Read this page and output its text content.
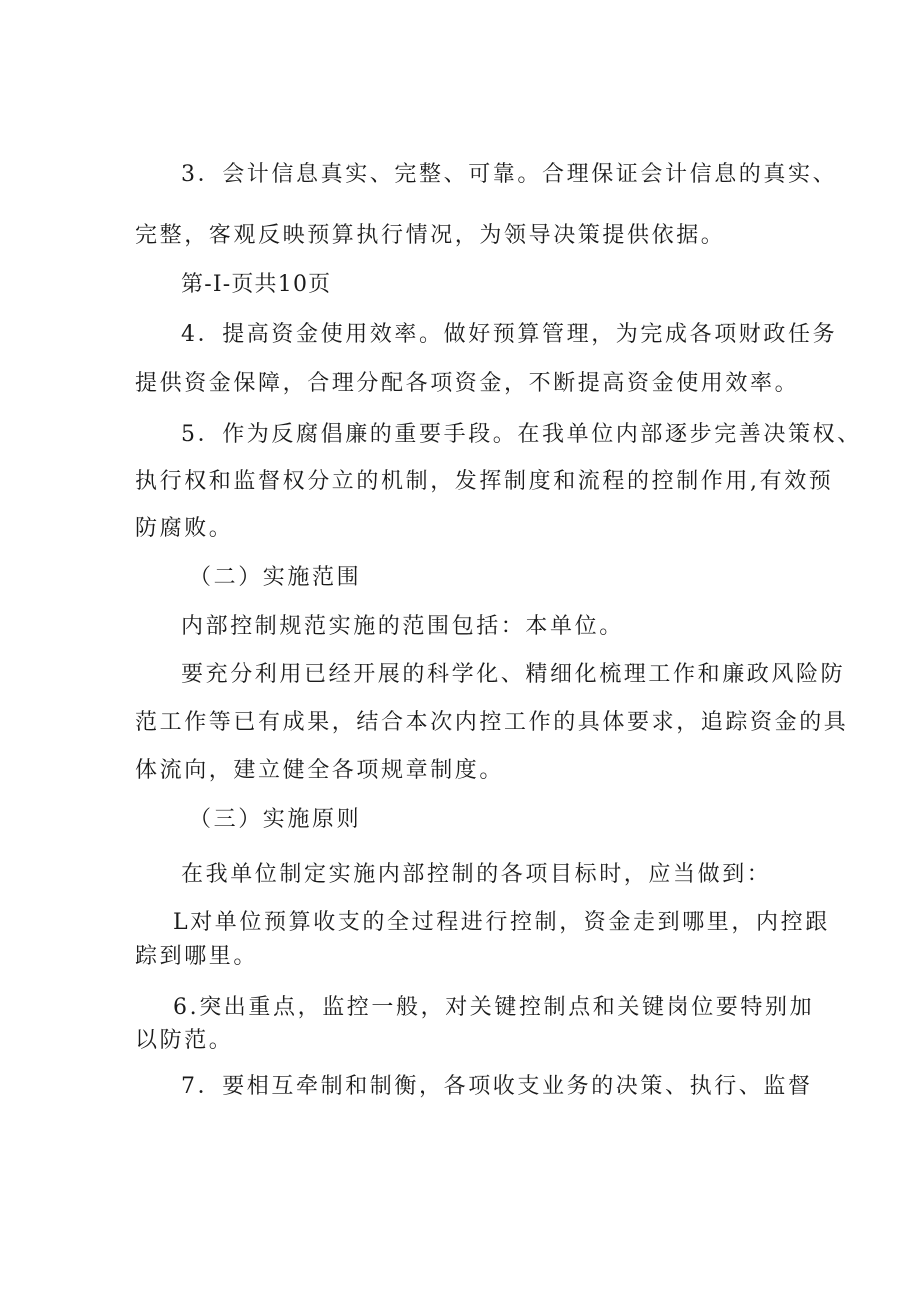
3．会计信息真实、完整、可靠。合理保证会计信息的真实、
完整，客观反映预算执行情况，为领导决策提供依据。
第-I-页共10页
4．提高资金使用效率。做好预算管理，为完成各项财政任务
提供资金保障，合理分配各项资金，不断提高资金使用效率。
5．作为反腐倡廉的重要手段。在我单位内部逐步完善决策权、
执行权和监督权分立的机制，发挥制度和流程的控制作用,有效预
防腐败。
（二）实施范围
内部控制规范实施的范围包括：本单位。
要充分利用已经开展的科学化、精细化梳理工作和廉政风险防
范工作等已有成果，结合本次内控工作的具体要求，追踪资金的具
体流向，建立健全各项规章制度。
（三）实施原则
在我单位制定实施内部控制的各项目标时，应当做到：
L对单位预算收支的全过程进行控制，资金走到哪里，内控跟
踪到哪里。
6.突出重点，监控一般，对关键控制点和关键岗位要特别加
以防范。
7．要相互牵制和制衡，各项收支业务的决策、执行、监督
